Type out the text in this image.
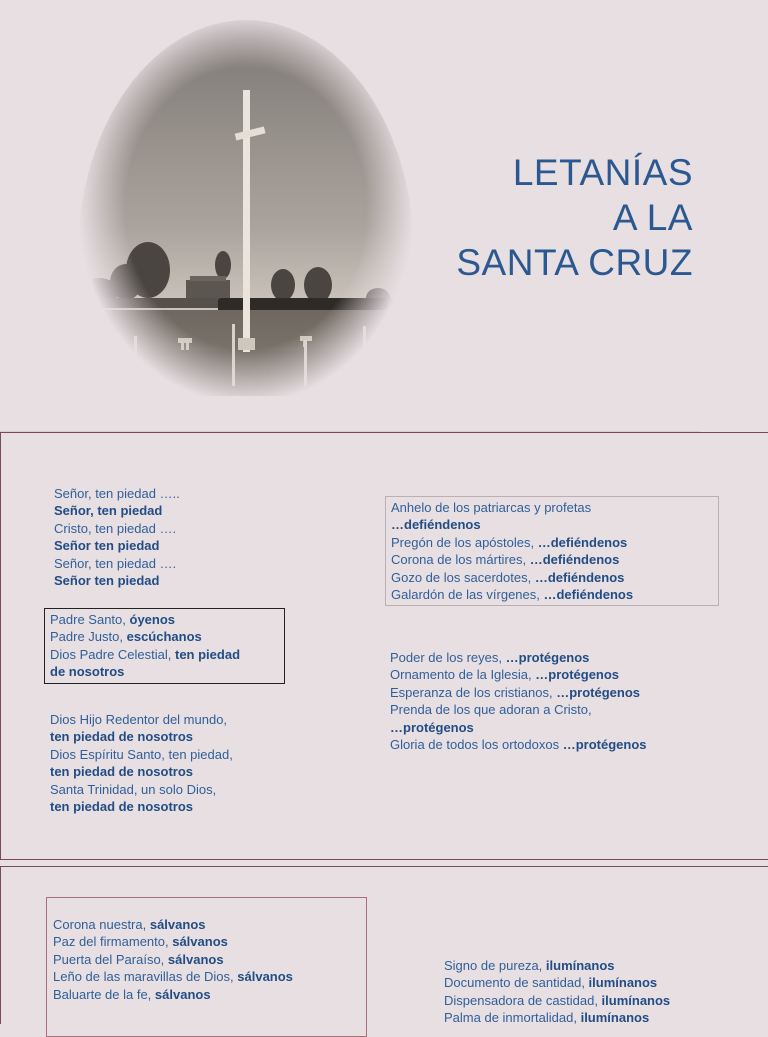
LETANÍAS
A LA
SANTA CRUZ
Señor, ten piedad …..
Señor, ten piedad
Cristo, ten piedad ….
Señor ten piedad
Señor, ten piedad ….
Señor ten piedad
Padre Santo, óyenos
Padre Justo, escúchanos
Dios Padre Celestial, ten piedad
de nosotros
Dios Hijo Redentor del mundo,
ten piedad de nosotros
Dios Espíritu Santo, ten piedad,
ten piedad de nosotros
Santa Trinidad, un solo Dios,
ten piedad de nosotros
Anhelo de los patriarcas y profetas
…defiéndenos
Pregón de los apóstoles, …defiéndenos
Corona de los mártires, …defiéndenos
Gozo de los sacerdotes, …defiéndenos
Galardón de las vírgenes, …defiéndenos
Poder de los reyes, …protégenos
Ornamento de la Iglesia, …protégenos
Esperanza de los cristianos, …protégenos
Prenda de los que adoran a Cristo,
…protégenos
Gloria de todos los ortodoxos …protégenos
Corona nuestra, sálvanos
Paz del firmamento, sálvanos
Puerta del Paraíso, sálvanos
Leño de las maravillas de Dios, sálvanos
Baluarte de la fe, sálvanos
Signo de pureza, ilumínanos
Documento de santidad, ilumínanos
Dispensadora de castidad, ilumínanos
Palma de inmortalidad, ilumínanos
